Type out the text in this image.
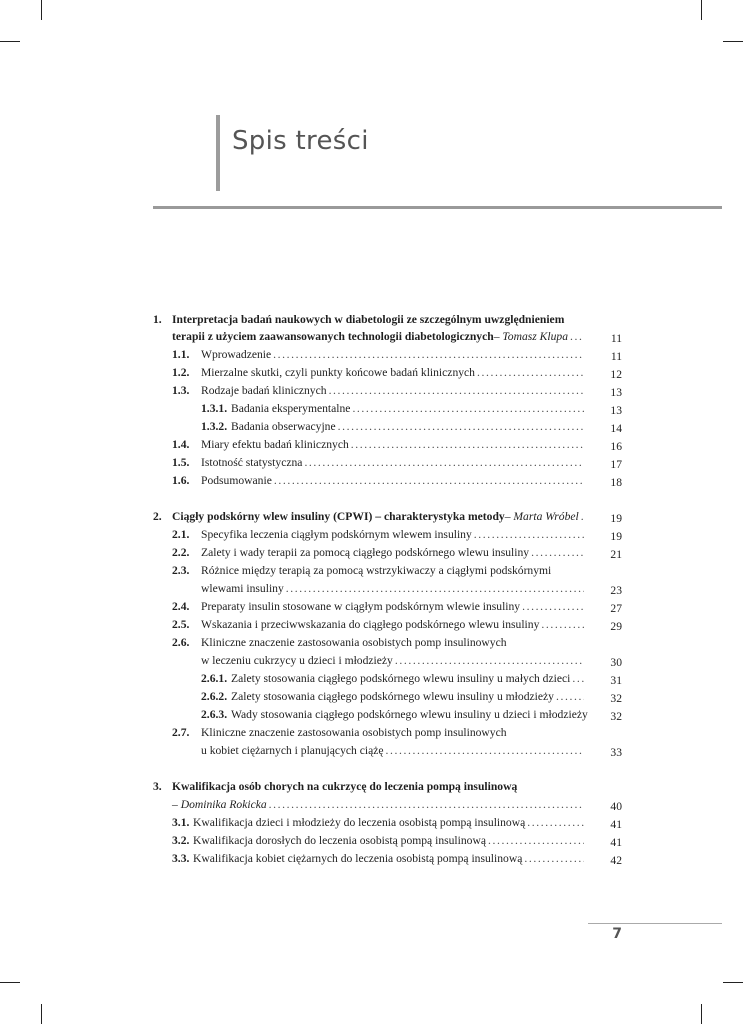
Spis treści
1. Interpretacja badań naukowych w diabetologii ze szczególnym uwzględnieniem
terapii z użyciem zaawansowanych technologii diabetologicznych – Tomasz Klupa .....	11
1.1.	Wprowadzenie .....	11
1.2.	Mierzalne skutki, czyli punkty końcowe badań klinicznych .....	12
1.3.	Rodzaje badań klinicznych .....	13
1.3.1. Badania eksperymentalne .....	13
1.3.2. Badania obserwacyjne .....	14
1.4.	Miary efektu badań klinicznych .....	16
1.5.	Istotność statystyczna .....	17
1.6.	Podsumowanie .....	18
2. Ciągły podskórny wlew insuliny (CPWI) – charakterystyka metody – Marta Wróbel .....	19
2.1.	Specyfika leczenia ciągłym podskórnym wlewem insuliny .....	19
2.2.	Zalety i wady terapii za pomocą ciągłego podskórnego wlewu insuliny .....	21
2.3.	Różnice między terapią za pomocą wstrzykiwaczy a ciągłymi podskórnymi
wlewami insuliny .....	23
2.4.	Preparaty insulin stosowane w ciągłym podskórnym wlewie insuliny .....	27
2.5.	Wskazania i przeciwwskazania do ciągłego podskórnego wlewu insuliny .....	29
2.6.	Kliniczne znaczenie zastosowania osobistych pomp insulinowych
w leczeniu cukrzycy u dzieci i młodzieży .....	30
2.6.1. Zalety stosowania ciągłego podskórnego wlewu insuliny u małych dzieci .....	31
2.6.2. Zalety stosowania ciągłego podskórnego wlewu insuliny u młodzieży .....	32
2.6.3. Wady stosowania ciągłego podskórnego wlewu insuliny u dzieci i młodzieży	32
2.7.	Kliniczne znaczenie zastosowania osobistych pomp insulinowych
u kobiet ciężarnych i planujących ciążę .....	33
3. Kwalifikacja osób chorych na cukrzycę do leczenia pompą insulinową
– Dominika Rokicka .....	40
3.1. Kwalifikacja dzieci i młodzieży do leczenia osobistą pompą insulinową .....	41
3.2. Kwalifikacja dorosłych do leczenia osobistą pompą insulinową .....	41
3.3. Kwalifikacja kobiet ciężarnych do leczenia osobistą pompą insulinową .....	42
7
